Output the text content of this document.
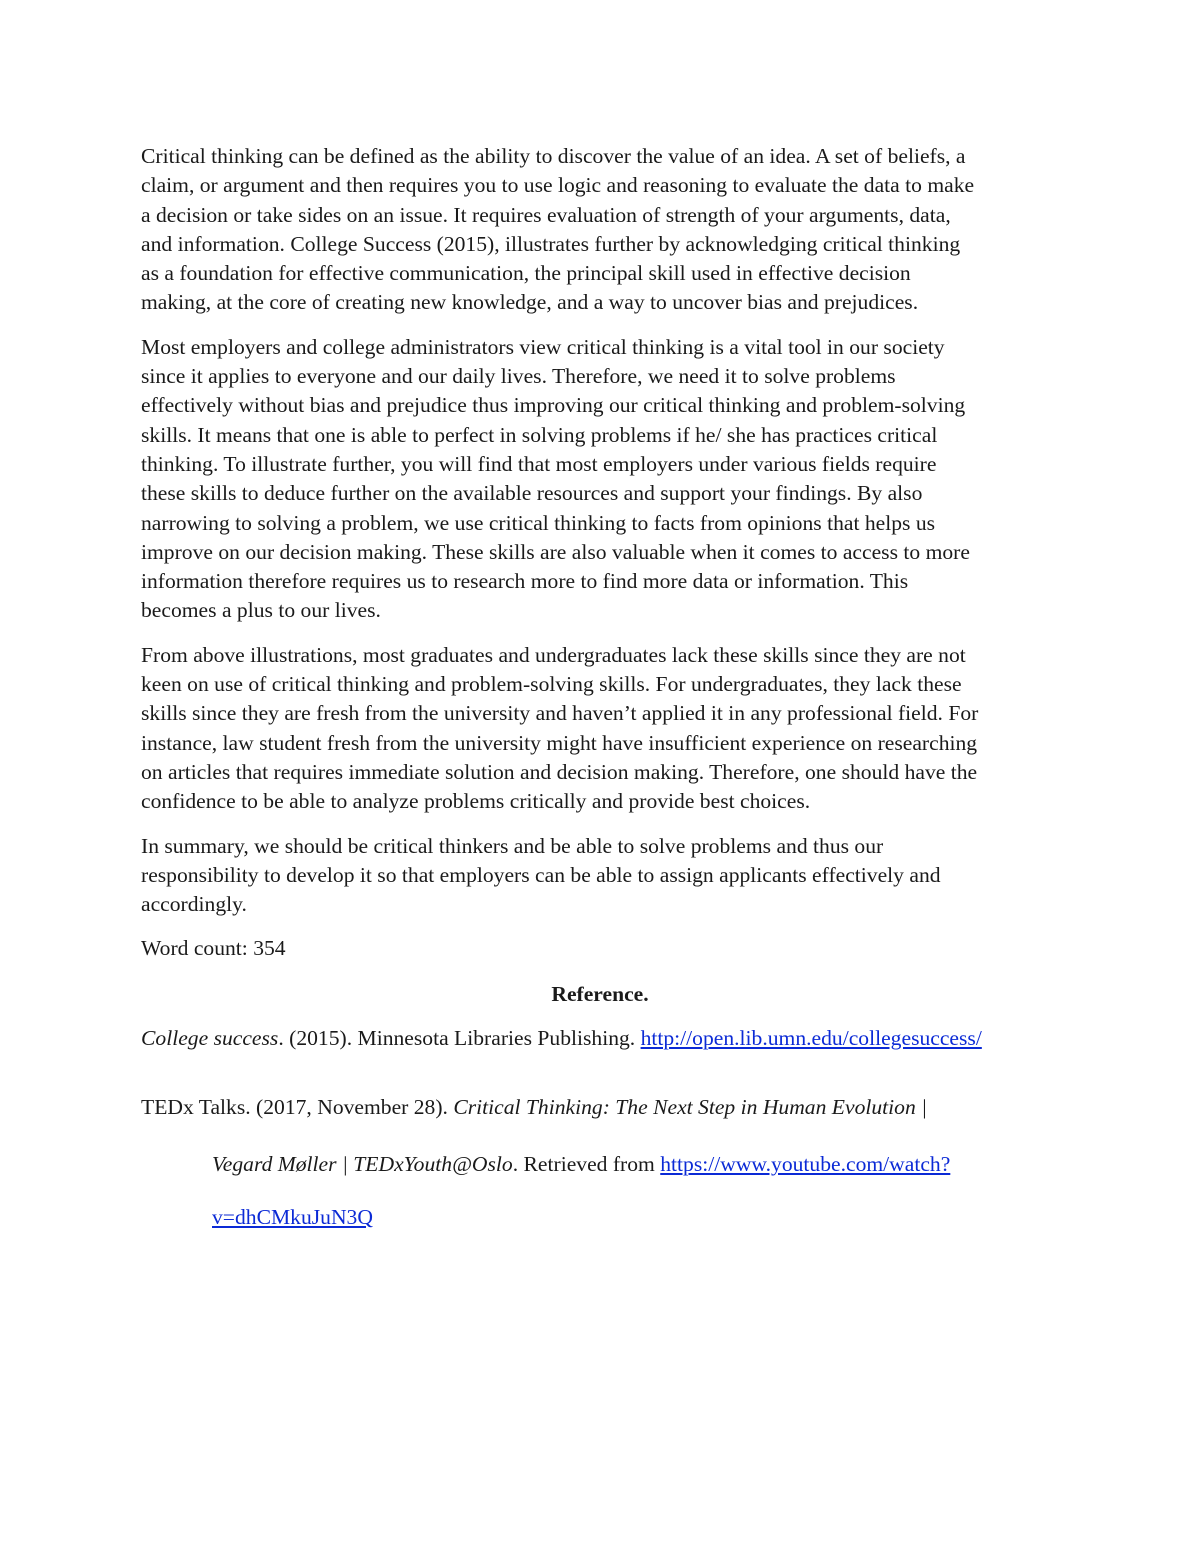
Critical thinking can be defined as the ability to discover the value of an idea. A set of beliefs, a
claim, or argument and then requires you to use logic and reasoning to evaluate the data to make
a decision or take sides on an issue. It requires evaluation of strength of your arguments, data,
and information. College Success (2015), illustrates further by acknowledging critical thinking
as a foundation for effective communication, the principal skill used in effective decision
making, at the core of creating new knowledge, and a way to uncover bias and prejudices.

Most employers and college administrators view critical thinking is a vital tool in our society
since it applies to everyone and our daily lives. Therefore, we need it to solve problems
effectively without bias and prejudice thus improving our critical thinking and problem-solving
skills. It means that one is able to perfect in solving problems if he/ she has practices critical
thinking. To illustrate further, you will find that most employers under various fields require
these skills to deduce further on the available resources and support your findings. By also
narrowing to solving a problem, we use critical thinking to facts from opinions that helps us
improve on our decision making. These skills are also valuable when it comes to access to more
information therefore requires us to research more to find more data or information. This
becomes a plus to our lives.

From above illustrations, most graduates and undergraduates lack these skills since they are not
keen on use of critical thinking and problem-solving skills. For undergraduates, they lack these
skills since they are fresh from the university and haven’t applied it in any professional field. For
instance, law student fresh from the university might have insufficient experience on researching
on articles that requires immediate solution and decision making. Therefore, one should have the
confidence to be able to analyze problems critically and provide best choices.

In summary, we should be critical thinkers and be able to solve problems and thus our
responsibility to develop it so that employers can be able to assign applicants effectively and
accordingly.

Word count: 354

Reference.

College success. (2015). Minnesota Libraries Publishing. http://open.lib.umn.edu/collegesuccess/

TEDx Talks. (2017, November 28). Critical Thinking: The Next Step in Human Evolution |

Vegard Møller | TEDxYouth@Oslo. Retrieved from https://www.youtube.com/watch?

v=dhCMkuJuN3Q
